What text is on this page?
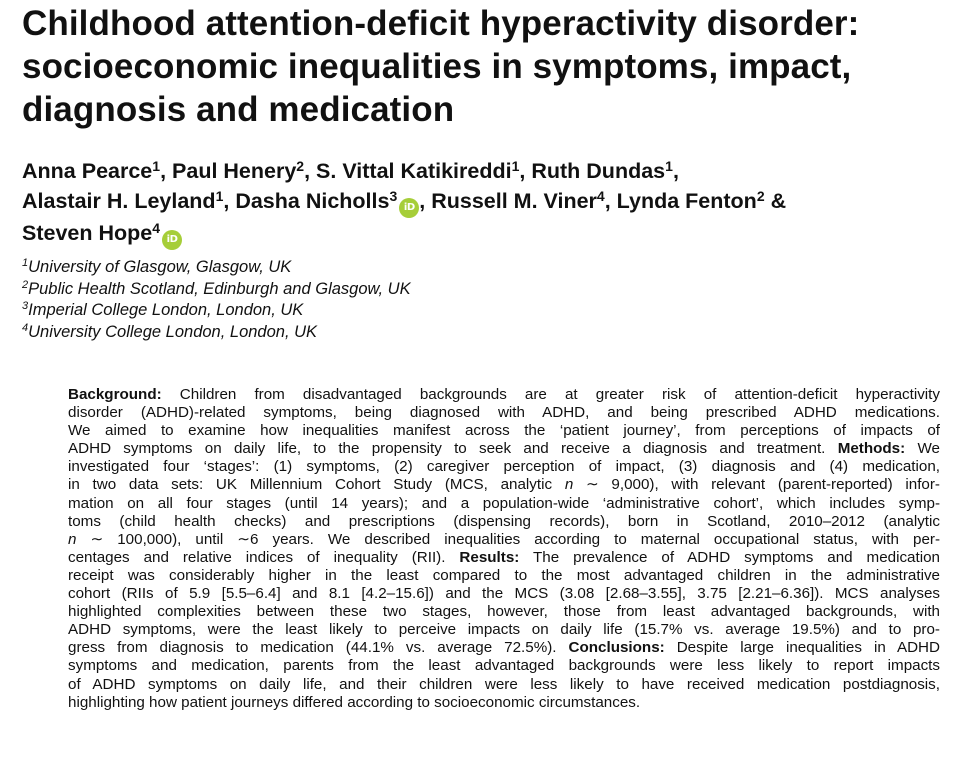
Childhood attention-deficit hyperactivity disorder:
socioeconomic inequalities in symptoms, impact,
diagnosis and medication
Anna Pearce$^1$, Paul Henery$^2$, S. Vittal Katikireddi$^1$, Ruth Dundas$^1$,
Alastair H. Leyland$^1$, Dasha Nicholls$^3$iD , Russell M. Viner$^4$, Lynda Fenton$^2$ &
Steven Hope$^4$iD
$^1$University of Glasgow, Glasgow, UK
$^2$Public Health Scotland, Edinburgh and Glasgow, UK
$^3$Imperial College London, London, UK
$^4$University College London, London, UK
Background: Children from disadvantaged backgrounds are at greater risk of attention-deficit hyperactivity
disorder (ADHD)-related symptoms, being diagnosed with ADHD, and being prescribed ADHD medications.
We aimed to examine how inequalities manifest across the ‘patient journey’, from perceptions of impacts of
ADHD symptoms on daily life, to the propensity to seek and receive a diagnosis and treatment. Methods: We
investigated four ‘stages’: (1) symptoms, (2) caregiver perception of impact, (3) diagnosis and (4) medication,
in two data sets: UK Millennium Cohort Study (MCS, analytic n ∼ 9,000), with relevant (parent-reported) infor-
mation on all four stages (until 14 years); and a population-wide ‘administrative cohort’, which includes symp-
toms (child health checks) and prescriptions (dispensing records), born in Scotland, 2010–2012 (analytic
n ∼ 100,000), until ∼6 years. We described inequalities according to maternal occupational status, with per-
centages and relative indices of inequality (RII). Results: The prevalence of ADHD symptoms and medication
receipt was considerably higher in the least compared to the most advantaged children in the administrative
cohort (RIIs of 5.9 [5.5–6.4] and 8.1 [4.2–15.6]) and the MCS (3.08 [2.68–3.55], 3.75 [2.21–6.36]). MCS analyses
highlighted complexities between these two stages, however, those from least advantaged backgrounds, with
ADHD symptoms, were the least likely to perceive impacts on daily life (15.7% vs. average 19.5%) and to pro-
gress from diagnosis to medication (44.1% vs. average 72.5%). Conclusions: Despite large inequalities in ADHD
symptoms and medication, parents from the least advantaged backgrounds were less likely to report impacts
of ADHD symptoms on daily life, and their children were less likely to have received medication postdiagnosis,
highlighting how patient journeys differed according to socioeconomic circumstances.
